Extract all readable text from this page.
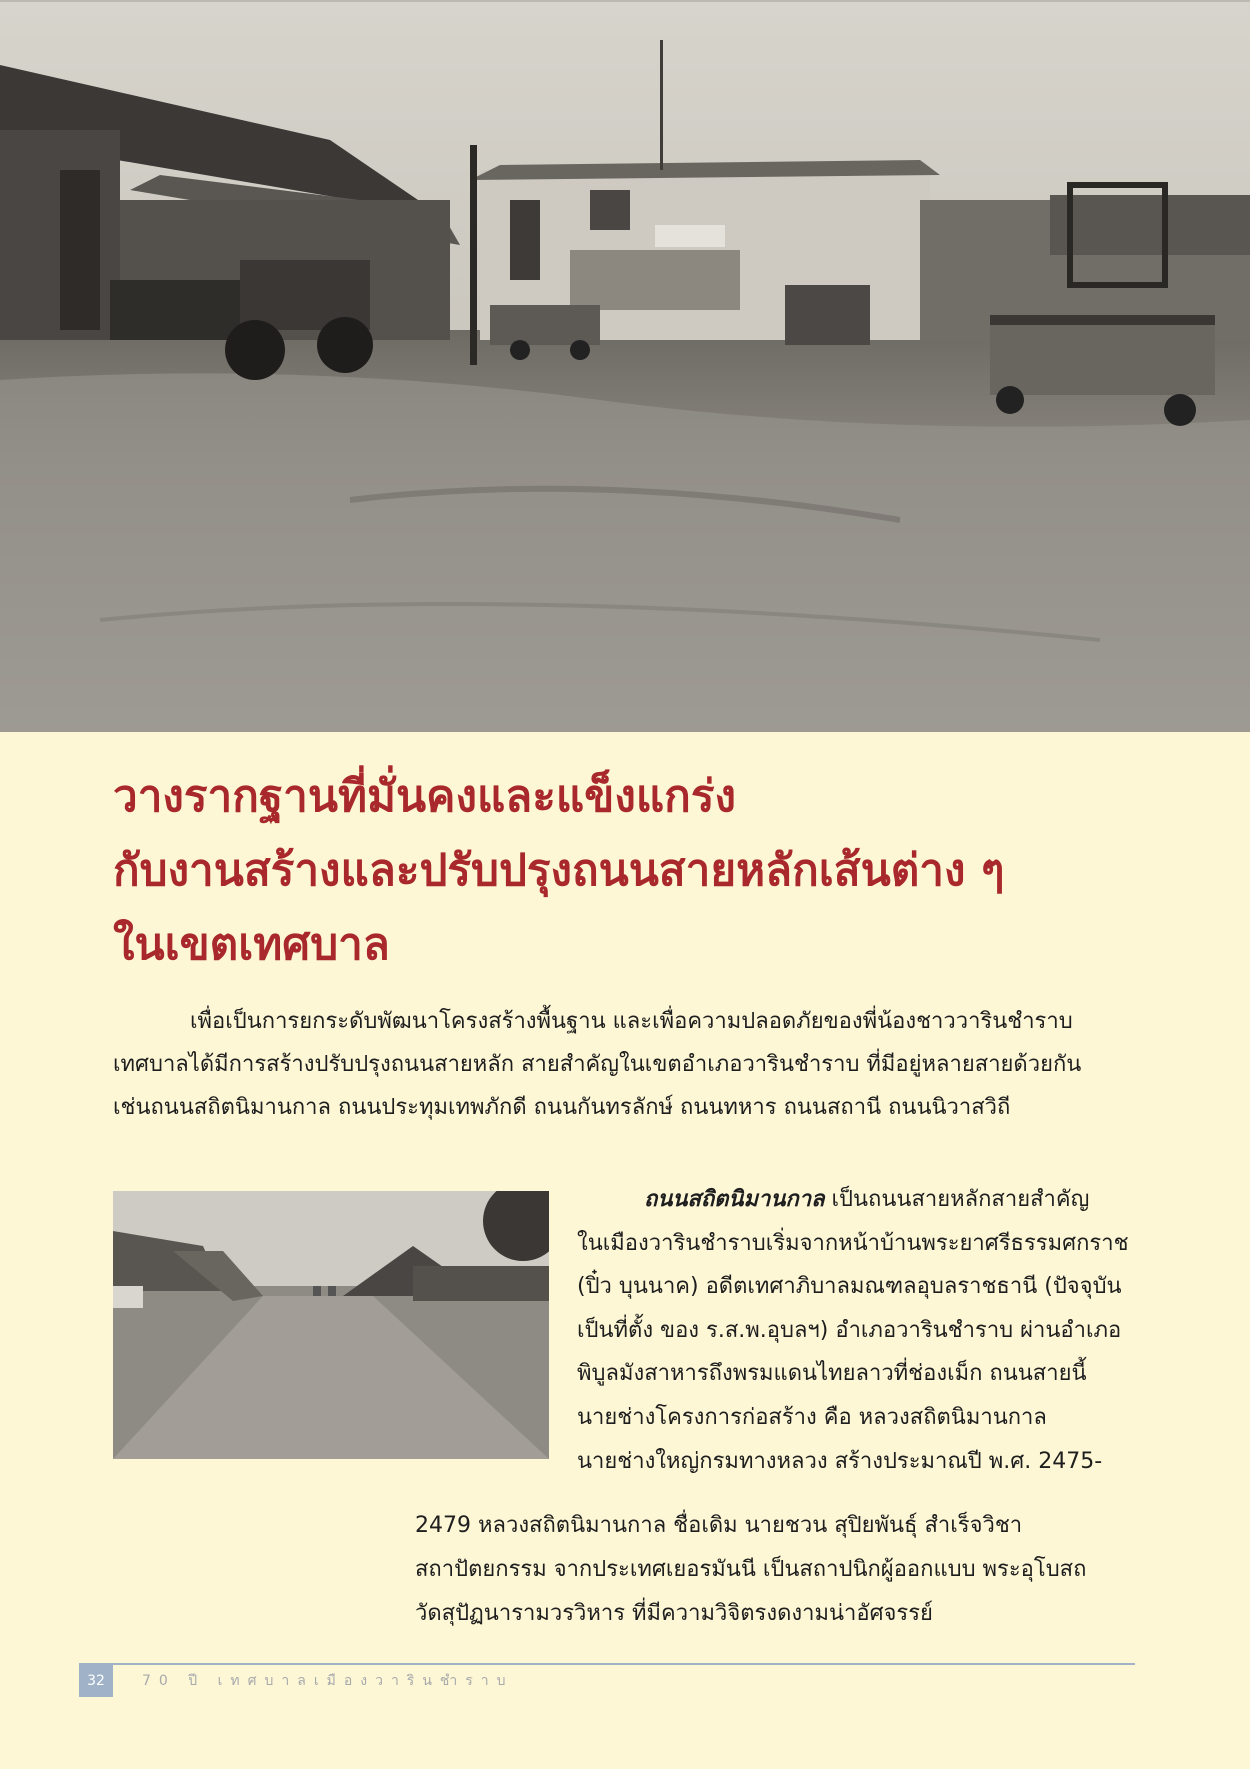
วางรากฐานที่มั่นคงและแข็งแกร่ง
กับงานสร้างและปรับปรุงถนนสายหลักเส้นต่าง ๆ
ในเขตเทศบาล
เพื่อเป็นการยกระดับพัฒนาโครงสร้างพื้นฐาน และเพื่อความปลอดภัยของพี่น้องชาววารินชำราบ
เทศบาลได้มีการสร้างปรับปรุงถนนสายหลัก สายสำคัญในเขตอำเภอวารินชำราบ ที่มีอยู่หลายสายด้วยกัน
เช่นถนนสถิตนิมานกาล ถนนประทุมเทพภักดี ถนนกันทรลักษ์ ถนนทหาร ถนนสถานี ถนนนิวาสวิถี
ถนนสถิตนิมานกาล เป็นถนนสายหลักสายสำคัญ
ในเมืองวารินชำราบเริ่มจากหน้าบ้านพระยาศรีธรรมศกราช
(ปิ๋ว บุนนาค) อดีตเทศาภิบาลมณฑลอุบลราชธานี (ปัจจุบัน
เป็นที่ตั้ง ของ ร.ส.พ.อุบลฯ) อำเภอวารินชำราบ ผ่านอำเภอ
พิบูลมังสาหารถึงพรมแดนไทยลาวที่ช่องเม็ก ถนนสายนี้
นายช่างโครงการก่อสร้าง คือ หลวงสถิตนิมานกาล
นายช่างใหญ่กรมทางหลวง สร้างประมาณปี พ.ศ. 2475-
2479 หลวงสถิตนิมานกาล ชื่อเดิม นายชวน สุปิยพันธุ์ สำเร็จวิชา
สถาปัตยกรรม จากประเทศเยอรมันนี เป็นสถาปนิกผู้ออกแบบ พระอุโบสถ
วัดสุปัฏนารามวรวิหาร ที่มีความวิจิตรงดงามน่าอัศจรรย์
32	70 ปี เทศบาลเมืองวารินชำราบ
